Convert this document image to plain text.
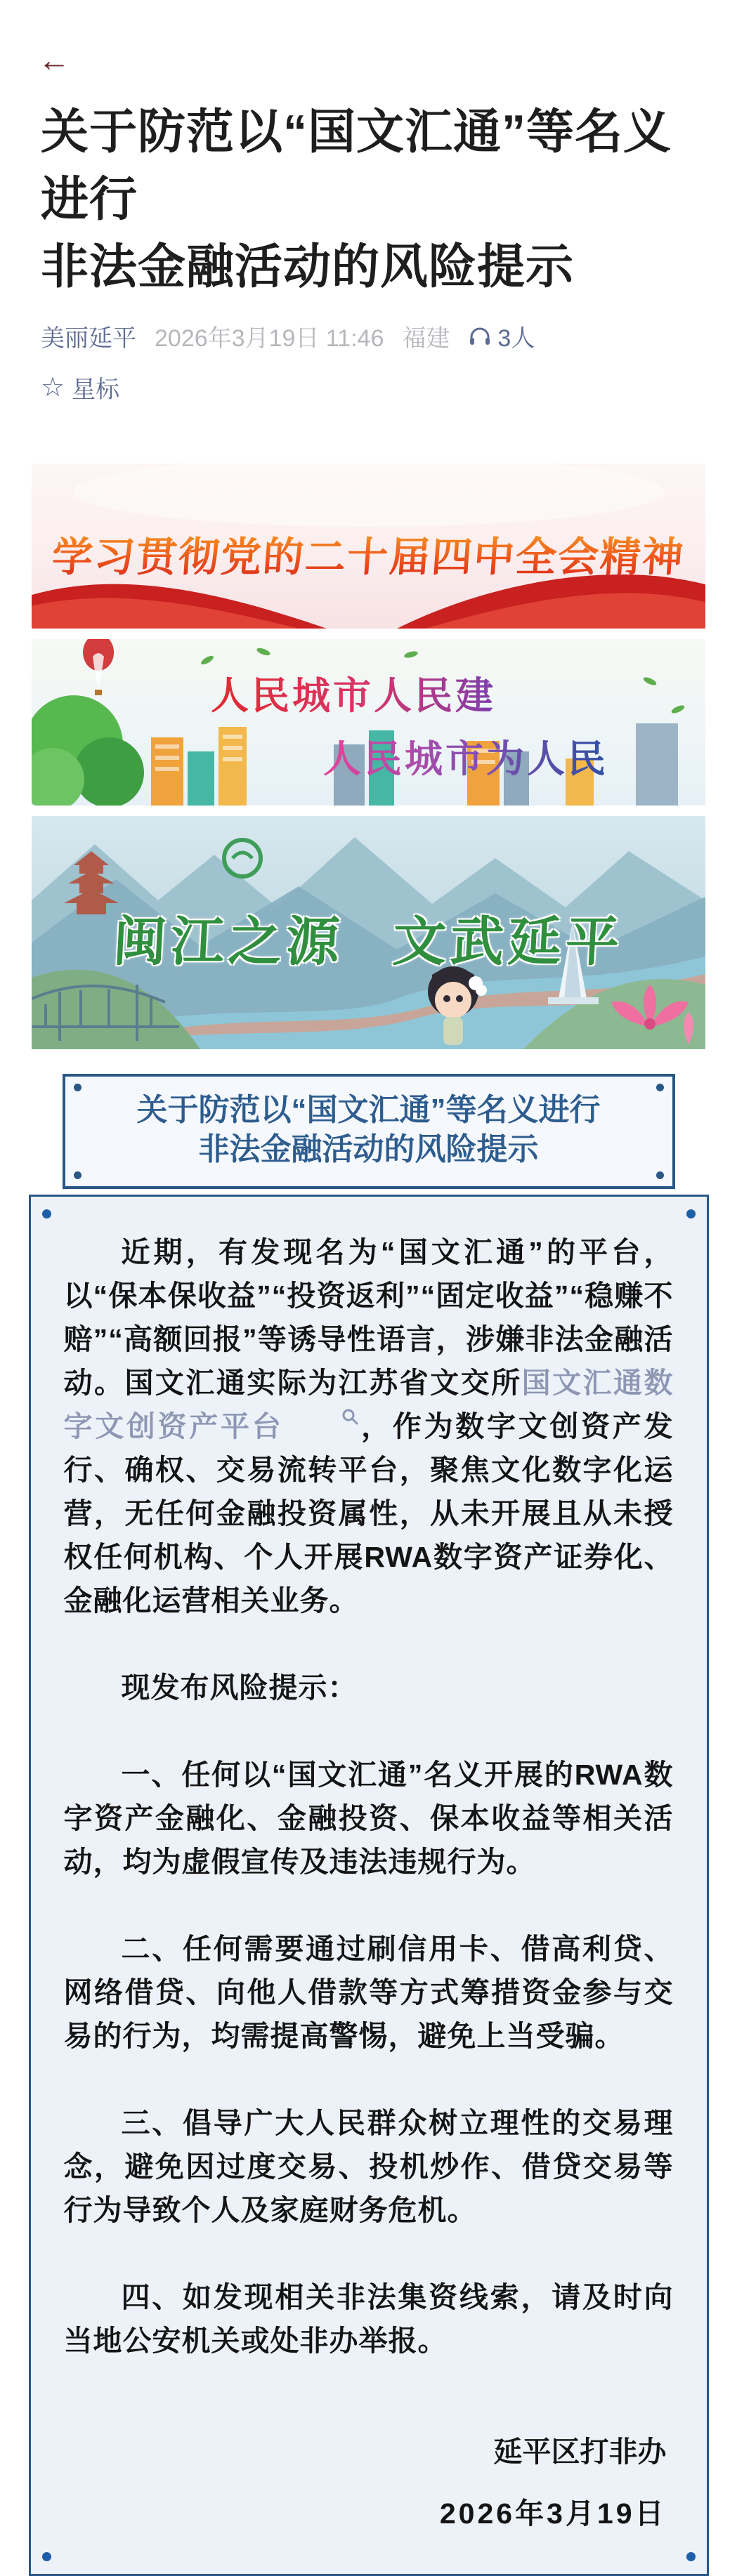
←
关于防范以“国文汇通”等名义进行
非法金融活动的风险提示
美丽延平 2026年3月19日 11:46 福建 3人
☆ 星标
学习贯彻党的二十届四中全会精神
人民城市人民建
人民城市为人民
闽江之源 文武延平
关于防范以“国文汇通”等名义进行
非法金融活动的风险提示

近期，有发现名为“国文汇通”的平台，以“保本保收益”“投资返利”“固定收益”“稳赚不赔”“高额回报”等诱导性语言，涉嫌非法金融活动。国文汇通实际为江苏省文交所国文汇通数字文创资产平台	，作为数字文创资产发行、确权、交易流转平台，聚焦文化数字化运营，无任何金融投资属性，从未开展且从未授权任何机构、个人开展RWA数字资产证券化、金融化运营相关业务。

现发布风险提示：

一、任何以“国文汇通”名义开展的RWA数字资产金融化、金融投资、保本收益等相关活动，均为虚假宣传及违法违规行为。

二、任何需要通过刷信用卡、借高利贷、网络借贷、向他人借款等方式筹措资金参与交易的行为，均需提高警惕，避免上当受骗。

三、倡导广大人民群众树立理性的交易理念，避免因过度交易、投机炒作、借贷交易等行为导致个人及家庭财务危机。

四、如发现相关非法集资线索，请及时向当地公安机关或处非办举报。

延平区打非办
2026年3月19日
